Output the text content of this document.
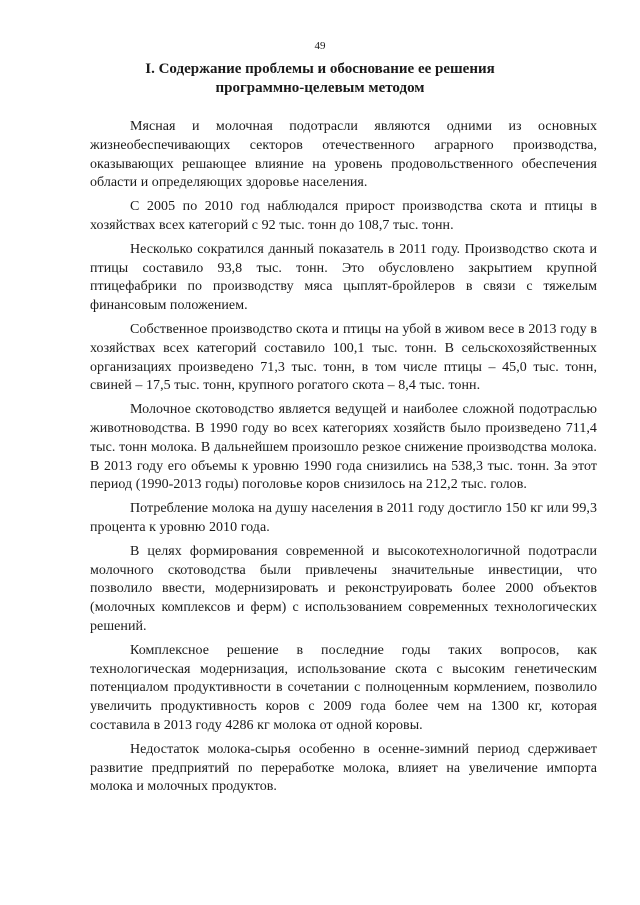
49
I. Содержание проблемы и обоснование ее решения
программно-целевым методом

Мясная и молочная подотрасли являются одними из основных жизнеобеспечивающих секторов отечественного аграрного производства, оказывающих решающее влияние на уровень продовольственного обеспечения области и определяющих здоровье населения.

С 2005 по 2010 год наблюдался прирост производства скота и птицы в хозяйствах всех категорий с 92 тыс. тонн до 108,7 тыс. тонн.

Несколько сократился данный показатель в 2011 году. Производство скота и птицы составило 93,8 тыс. тонн. Это обусловлено закрытием крупной птицефабрики по производству мяса цыплят-бройлеров в связи с тяжелым финансовым положением.

Собственное производство скота и птицы на убой в живом весе в 2013 году в хозяйствах всех категорий составило 100,1 тыс. тонн. В сельскохозяйственных организациях произведено 71,3 тыс. тонн, в том числе птицы – 45,0 тыс. тонн, свиней – 17,5 тыс. тонн, крупного рогатого скота – 8,4 тыс. тонн.

Молочное скотоводство является ведущей и наиболее сложной подотраслью животноводства. В 1990 году во всех категориях хозяйств было произведено 711,4 тыс. тонн молока. В дальнейшем произошло резкое снижение производства молока. В 2013 году его объемы к уровню 1990 года снизились на 538,3 тыс. тонн. За этот период (1990-2013 годы) поголовье коров снизилось на 212,2 тыс. голов.

Потребление молока на душу населения в 2011 году достигло 150 кг или 99,3 процента к уровню 2010 года.

В целях формирования современной и высокотехнологичной подотрасли молочного скотоводства были привлечены значительные инвестиции, что позволило ввести, модернизировать и реконструировать более 2000 объектов (молочных комплексов и ферм) с использованием современных технологических решений.

Комплексное решение в последние годы таких вопросов, как технологическая модернизация, использование скота с высоким генетическим потенциалом продуктивности в сочетании с полноценным кормлением, позволило увеличить продуктивность коров с 2009 года более чем на 1300 кг, которая составила в 2013 году 4286 кг молока от одной коровы.

Недостаток молока-сырья особенно в осенне-зимний период сдерживает развитие предприятий по переработке молока, влияет на увеличение импорта молока и молочных продуктов.
